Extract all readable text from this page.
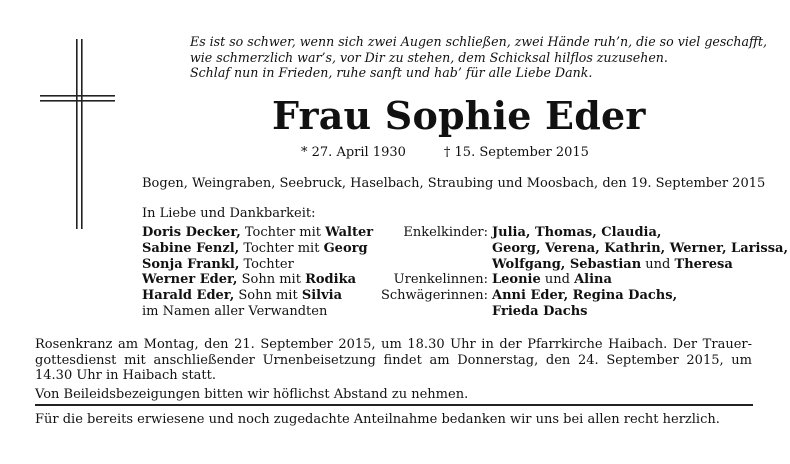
Es ist so schwer, wenn sich zwei Augen schließen, zwei Hände ruh’n, die so viel geschafft,
wie schmerzlich war’s, vor Dir zu stehen, dem Schicksal hilflos zuzusehen.
Schlaf nun in Frieden, ruhe sanft und hab’ für alle Liebe Dank.
Frau Sophie Eder
* 27. April 1930	† 15. September 2015
Bogen, Weingraben, Seebruck, Haselbach, Straubing und Moosbach, den 19. September 2015
In Liebe und Dankbarkeit:
Doris Decker, Tochter mit Walter
Sabine Fenzl, Tochter mit Georg
Sonja Frankl, Tochter
Werner Eder, Sohn mit Rodika
Harald Eder, Sohn mit Silvia
im Namen aller Verwandten
Enkelkinder: Julia, Thomas, Claudia,
Georg, Verena, Kathrin, Werner, Larissa,
Wolfgang, Sebastian und Theresa
Urenkelinnen: Leonie und Alina
Schwägerinnen: Anni Eder, Regina Dachs,
Frieda Dachs
Rosenkranz am Montag, den 21. September 2015, um 18.30 Uhr in der Pfarrkirche Haibach. Der Trauer-
gottesdienst mit anschließender Urnenbeisetzung findet am Donnerstag, den 24. September 2015, um
14.30 Uhr in Haibach statt.
Von Beileidsbezeigungen bitten wir höflichst Abstand zu nehmen.
Für die bereits erwiesene und noch zugedachte Anteilnahme bedanken wir uns bei allen recht herzlich.
